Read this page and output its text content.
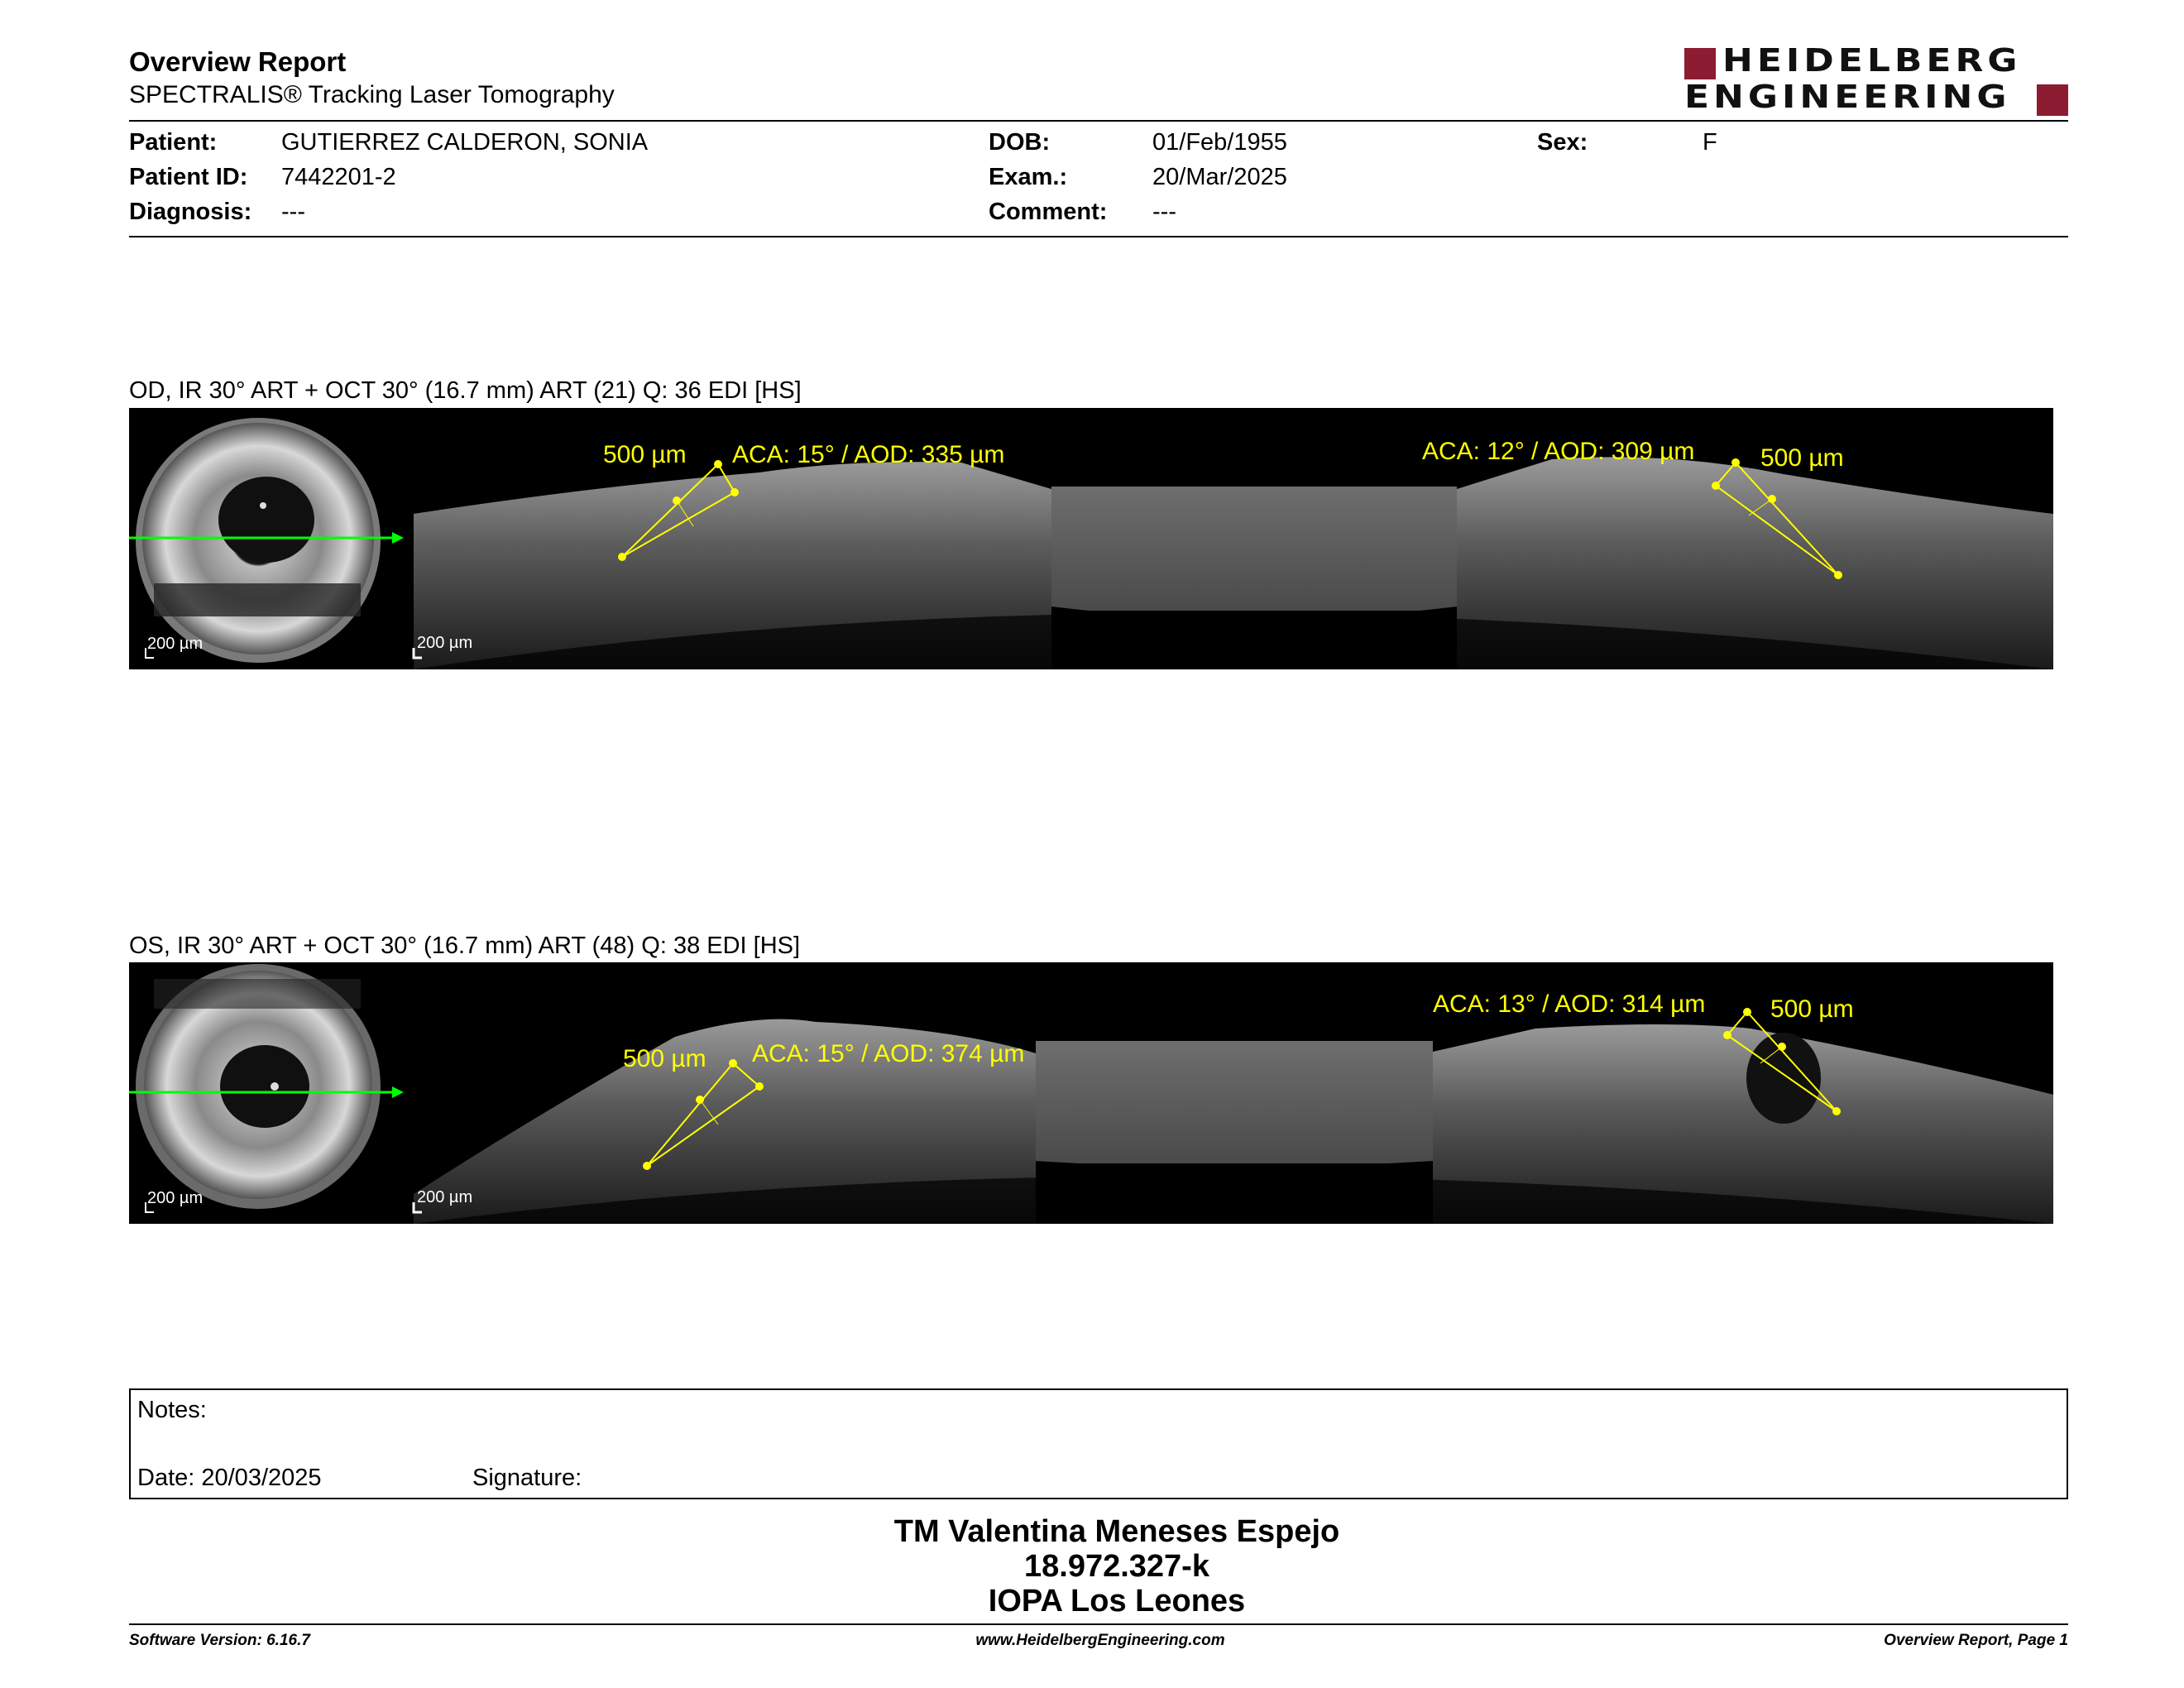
Overview Report
SPECTRALIS® Tracking Laser Tomography
HEIDELBERG
ENGINEERING
Patient:	GUTIERREZ CALDERON, SONIA
Patient ID: 7442201-2
Diagnosis: ---
DOB:	01/Feb/1955
Exam.:	20/Mar/2025
Comment: ---
Sex:	F
OD, IR 30° ART + OCT 30° (16.7 mm) ART (21) Q: 36 EDI [HS]
200 µm	200 µm
500 µm ACA: 15° / AOD: 335 µm	ACA: 12° / AOD: 309 µm	500 µm
OS, IR 30° ART + OCT 30° (16.7 mm) ART (48) Q: 38 EDI [HS]
200 µm	200 µm
500 µm ACA: 15° / AOD: 374 µm
ACA: 13° / AOD: 314 µm	500 µm
Notes:
Date: 20/03/2025	Signature:
TM Valentina Meneses Espejo
18.972.327-k
IOPA Los Leones
Software Version: 6.16.7	www.HeidelbergEngineering.com	Overview Report, Page 1
